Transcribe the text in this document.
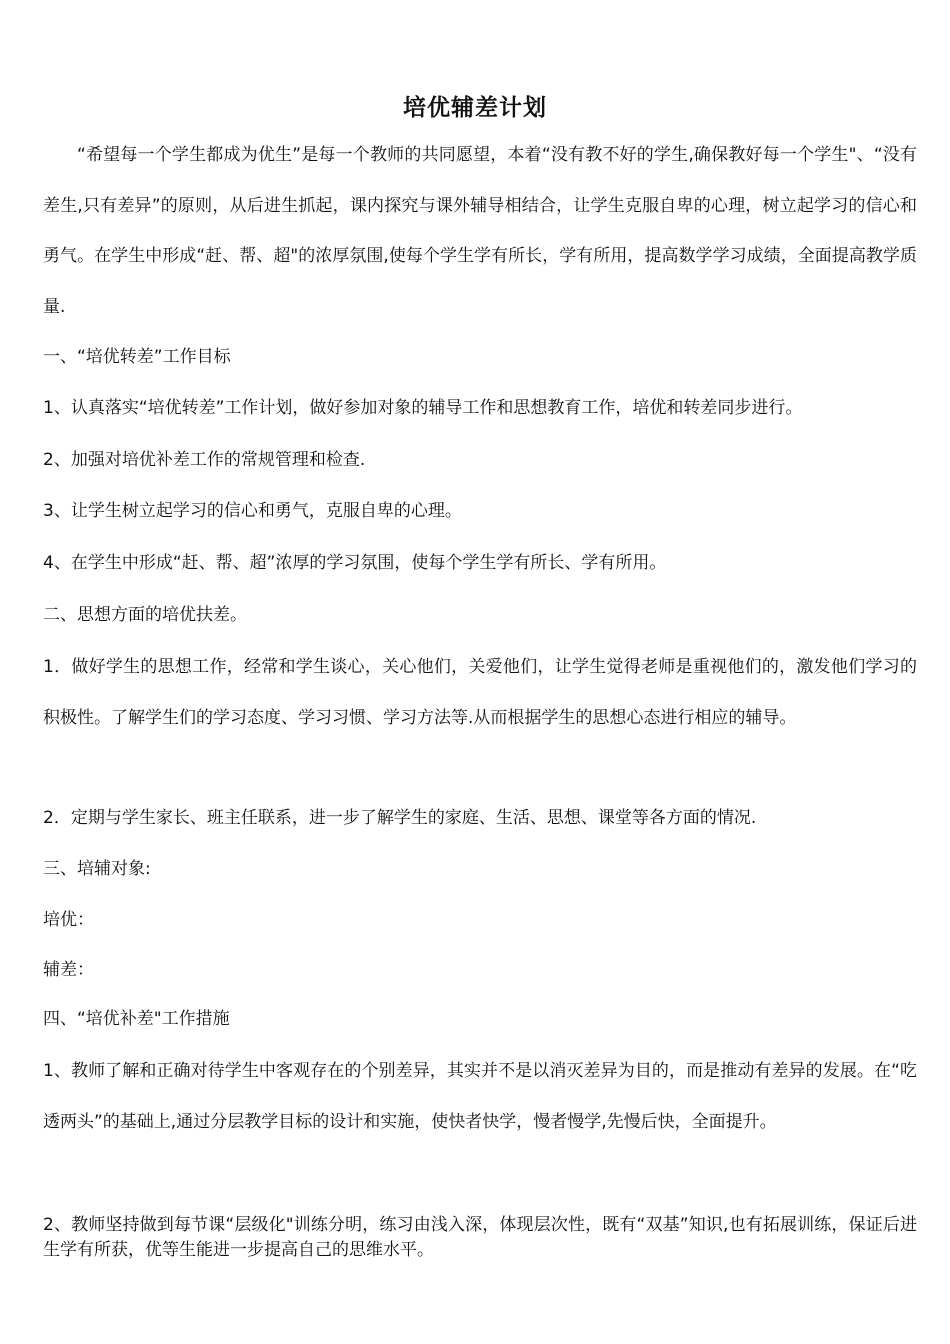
培优辅差计划
“希望每一个学生都成为优生”是每一个教师的共同愿望，本着“没有教不好的学生,确保教好每一个学生"、“没有差生,只有差异”的原则，从后进生抓起，课内探究与课外辅导相结合，让学生克服自卑的心理，树立起学习的信心和勇气。在学生中形成“赶、帮、超"的浓厚氛围,使每个学生学有所长，学有所用，提高数学学习成绩，全面提高教学质量.
一、“培优转差”工作目标
1、认真落实“培优转差”工作计划，做好参加对象的辅导工作和思想教育工作，培优和转差同步进行。
2、加强对培优补差工作的常规管理和检查.
3、让学生树立起学习的信心和勇气，克服自卑的心理。
4、在学生中形成“赶、帮、超”浓厚的学习氛围，使每个学生学有所长、学有所用。
二、思想方面的培优扶差。
1．做好学生的思想工作，经常和学生谈心，关心他们，关爱他们，让学生觉得老师是重视他们的，激发他们学习的积极性。了解学生们的学习态度、学习习惯、学习方法等.从而根据学生的思想心态进行相应的辅导。
2．定期与学生家长、班主任联系，进一步了解学生的家庭、生活、思想、课堂等各方面的情况.
三、培辅对象:
培优：
辅差：
四、“培优补差"工作措施
1、教师了解和正确对待学生中客观存在的个别差异，其实并不是以消灭差异为目的，而是推动有差异的发展。在“吃透两头”的基础上,通过分层教学目标的设计和实施，使快者快学，慢者慢学,先慢后快，全面提升。
2、教师坚持做到每节课“层级化"训练分明，练习由浅入深，体现层次性，既有“双基”知识,也有拓展训练，保证后进生学有所获，优等生能进一步提高自己的思维水平。
